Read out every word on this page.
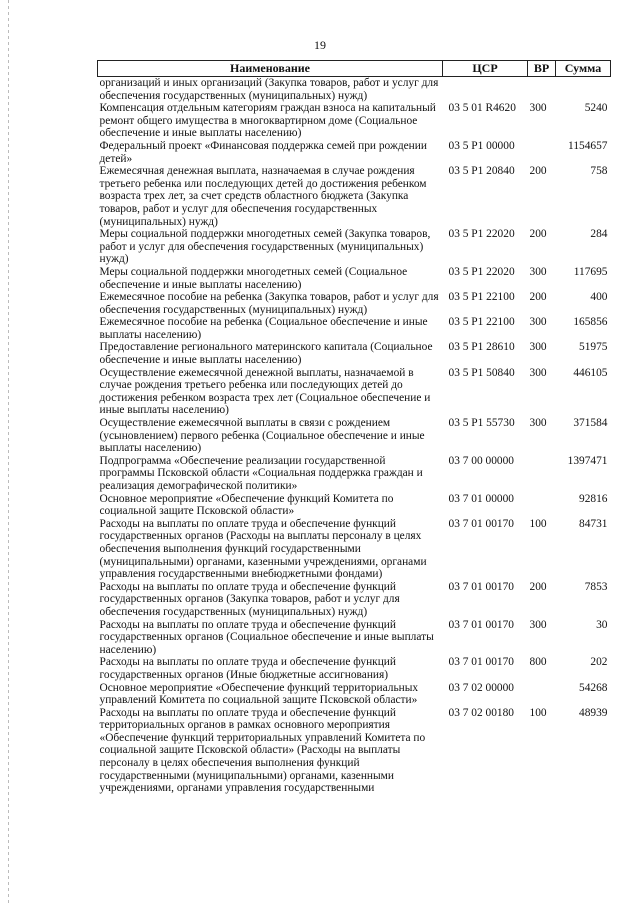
19
Наименование	ЦСР	ВР	Сумма
организаций и иных организаций (Закупка товаров, работ и услуг для обеспечения государственных (муниципальных) нужд)			
Компенсация отдельным категориям граждан взноса на капитальный ремонт общего имущества в многоквартирном доме (Социальное обеспечение и иные выплаты населению)	03 5 01 R4620	300	5240
Федеральный проект «Финансовая поддержка семей при рождении детей»	03 5 P1 00000		1154657
Ежемесячная денежная выплата, назначаемая в случае рождения третьего ребенка или последующих детей до достижения ребенком возраста трех лет, за счет средств областного бюджета (Закупка товаров, работ и услуг для обеспечения государственных (муниципальных) нужд)	03 5 P1 20840	200	758
Меры социальной поддержки многодетных семей (Закупка товаров, работ и услуг для обеспечения государственных (муниципальных) нужд)	03 5 P1 22020	200	284
Меры социальной поддержки многодетных семей (Социальное обеспечение и иные выплаты населению)	03 5 P1 22020	300	117695
Ежемесячное пособие на ребенка (Закупка товаров, работ и услуг для обеспечения государственных (муниципальных) нужд)	03 5 P1 22100	200	400
Ежемесячное пособие на ребенка (Социальное обеспечение и иные выплаты населению)	03 5 P1 22100	300	165856
Предоставление регионального материнского капитала (Социальное обеспечение и иные выплаты населению)	03 5 P1 28610	300	51975
Осуществление ежемесячной денежной выплаты, назначаемой в случае рождения третьего ребенка или последующих детей до достижения ребенком возраста трех лет (Социальное обеспечение и иные выплаты населению)	03 5 P1 50840	300	446105
Осуществление ежемесячной выплаты в связи с рождением (усыновлением) первого ребенка (Социальное обеспечение и иные выплаты населению)	03 5 P1 55730	300	371584
Подпрограмма «Обеспечение реализации государственной программы Псковской области «Социальная поддержка граждан и реализация демографической политики»	03 7 00 00000		1397471
Основное мероприятие «Обеспечение функций Комитета по социальной защите Псковской области»	03 7 01 00000		92816
Расходы на выплаты по оплате труда и обеспечение функций государственных органов (Расходы на выплаты персоналу в целях обеспечения выполнения функций государственными (муниципальными) органами, казенными учреждениями, органами управления государственными внебюджетными фондами)	03 7 01 00170	100	84731
Расходы на выплаты по оплате труда и обеспечение функций государственных органов (Закупка товаров, работ и услуг для обеспечения государственных (муниципальных) нужд)	03 7 01 00170	200	7853
Расходы на выплаты по оплате труда и обеспечение функций государственных органов (Социальное обеспечение и иные выплаты населению)	03 7 01 00170	300	30
Расходы на выплаты по оплате труда и обеспечение функций государственных органов (Иные бюджетные ассигнования)	03 7 01 00170	800	202
Основное мероприятие «Обеспечение функций территориальных управлений Комитета по социальной защите Псковской области»	03 7 02 00000		54268
Расходы на выплаты по оплате труда и обеспечение функций территориальных органов в рамках основного мероприятия «Обеспечение функций территориальных управлений Комитета по социальной защите Псковской области» (Расходы на выплаты персоналу в целях обеспечения выполнения функций государственными (муниципальными) органами, казенными учреждениями, органами управления государственными	03 7 02 00180	100	48939
